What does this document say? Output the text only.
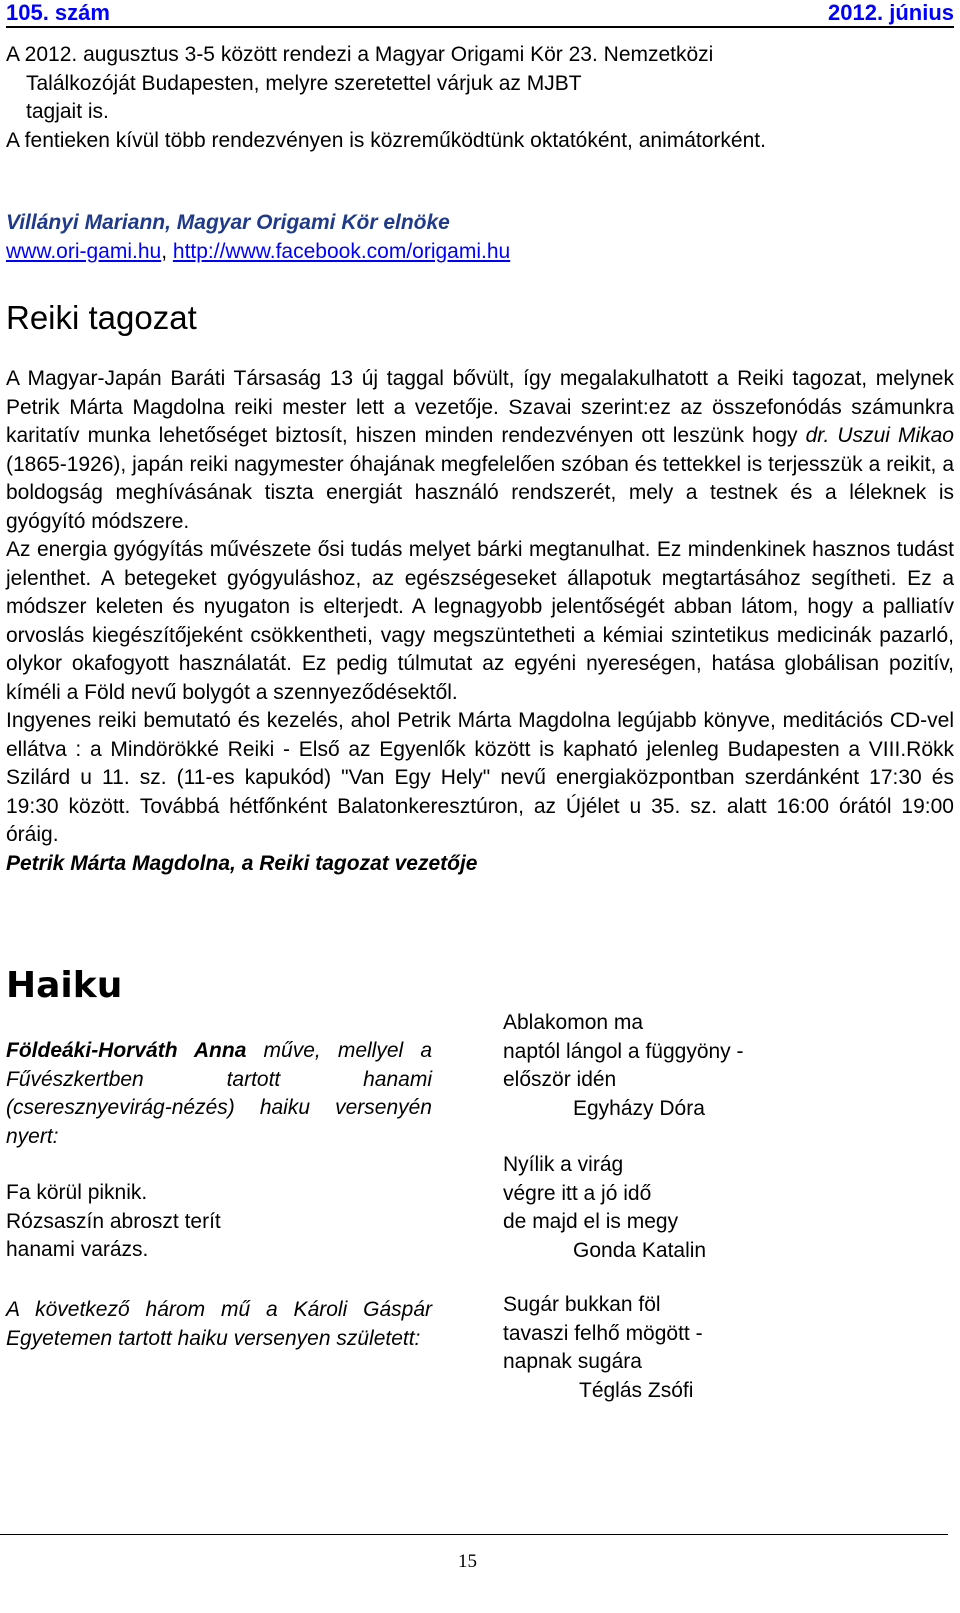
105. szám	2012. június
A 2012. augusztus 3-5 között rendezi a Magyar Origami Kör 23. Nemzetközi
Találkozóját Budapesten, melyre szeretettel várjuk az MJBT
tagjait is.
A fentieken kívül több rendezvényen is közreműködtünk oktatóként, animátorként.
Villányi Mariann, Magyar Origami Kör elnöke
www.ori-gami.hu, http://www.facebook.com/origami.hu
Reiki tagozat
A Magyar-Japán Baráti Társaság 13 új taggal bővült, így megalakulhatott a Reiki tagozat, melynek Petrik Márta Magdolna reiki mester lett a vezetője. Szavai szerint:ez az összefonódás számunkra karitatív munka lehetőséget biztosít, hiszen minden rendezvényen ott leszünk hogy dr. Uszui Mikao (1865-1926), japán reiki nagymester óhajának megfelelően szóban és tettekkel is terjesszük a reikit, a boldogság meghívásának tiszta energiát használó rendszerét, mely a testnek és a léleknek is gyógyító módszere.
Az energia gyógyítás művészete ősi tudás melyet bárki megtanulhat. Ez mindenkinek hasznos tudást jelenthet. A betegeket gyógyuláshoz, az egészségeseket állapotuk megtartásához segítheti. Ez a módszer keleten és nyugaton is elterjedt. A legnagyobb jelentőségét abban látom, hogy a palliatív orvoslás kiegészítőjeként csökkentheti, vagy megszüntetheti a kémiai szintetikus medicinák pazarló, olykor okafogyott használatát. Ez pedig túlmutat az egyéni nyereségen, hatása globálisan pozitív, kíméli a Föld nevű bolygót a szennyeződésektől.
Ingyenes reiki bemutató és kezelés, ahol Petrik Márta Magdolna legújabb könyve, meditációs CD-vel ellátva : a Mindörökké Reiki - Első az Egyenlők között is kapható jelenleg Budapesten a VIII.Rökk Szilárd u 11. sz. (11-es kapukód) "Van Egy Hely" nevű energiaközpontban szerdánként 17:30 és 19:30 között. Továbbá hétfőnként Balatonkeresztúron, az Újélet u 35. sz. alatt 16:00 órától 19:00 óráig.
Petrik Márta Magdolna, a Reiki tagozat vezetője
Haiku
Földeáki-Horváth Anna műve, mellyel a Fűvészkertben tartott hanami (cseresznyevirág-nézés) haiku versenyén nyert:
Fa körül piknik.
Rózsaszín abroszt terít
hanami varázs.
A következő három mű a Károli Gáspár Egyetemen tartott haiku versenyen született:
Ablakomon ma
naptól lángol a függyöny -
először idén
Egyházy Dóra
Nyílik a virág
végre itt a jó idő
de majd el is megy
Gonda Katalin
Sugár bukkan föl
tavaszi felhő mögött -
napnak sugára
Téglás Zsófi
15
